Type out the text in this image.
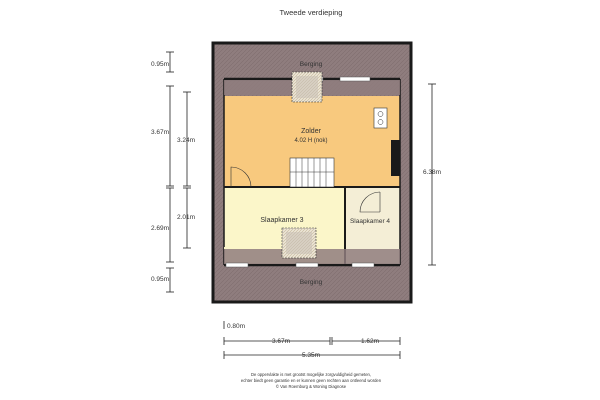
Tweede verdieping
Berging
Zolder
4.02 H (nok)
Slaapkamer 3	Slaapkamer 4
Berging
0.95m
3.67m
3.24m
2.01m
2.69m
0.95m
6.38m
0.80m
3.67m	1.62m
5.35m
De oppervlakte is met grootst mogelijke zorgvuldigheid gemeten,
echter biedt geen garantie en er kunnen geen rechten aan ontleend worden
© Van Roemburg & Woning Diagnose
